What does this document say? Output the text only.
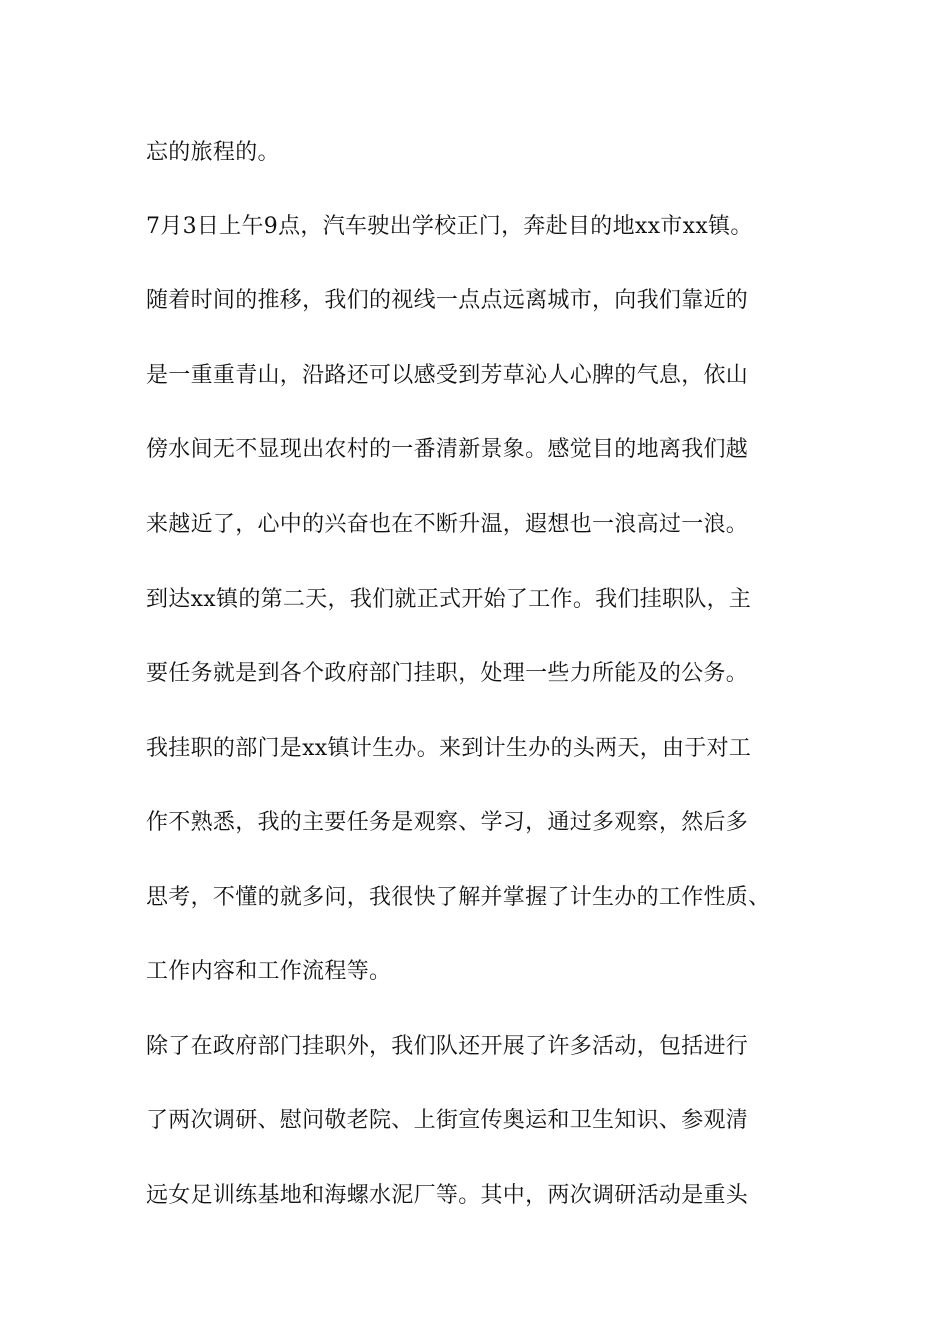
忘的旅程的。
7月3日上午9点，汽车驶出学校正门，奔赴目的地xx市xx镇。
随着时间的推移，我们的视线一点点远离城市，向我们靠近的
是一重重青山，沿路还可以感受到芳草沁人心脾的气息，依山
傍水间无不显现出农村的一番清新景象。感觉目的地离我们越
来越近了，心中的兴奋也在不断升温，遐想也一浪高过一浪。
到达xx镇的第二天，我们就正式开始了工作。我们挂职队，主
要任务就是到各个政府部门挂职，处理一些力所能及的公务。
我挂职的部门是xx镇计生办。来到计生办的头两天，由于对工
作不熟悉，我的主要任务是观察、学习，通过多观察，然后多
思考，不懂的就多问，我很快了解并掌握了计生办的工作性质、
工作内容和工作流程等。
除了在政府部门挂职外，我们队还开展了许多活动，包括进行
了两次调研、慰问敬老院、上街宣传奥运和卫生知识、参观清
远女足训练基地和海螺水泥厂等。其中，两次调研活动是重头
